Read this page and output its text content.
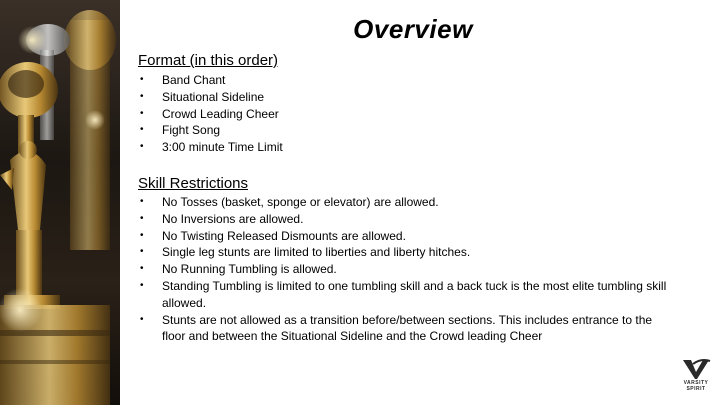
Overview
Format (in this order)
• Band Chant
• Situational Sideline
• Crowd Leading Cheer
• Fight Song
• 3:00 minute Time Limit
Skill Restrictions
• No Tosses (basket, sponge or elevator) are allowed.
• No Inversions are allowed.
• No Twisting Released Dismounts are allowed.
• Single leg stunts are limited to liberties and liberty hitches.
• No Running Tumbling is allowed.
• Standing Tumbling is limited to one tumbling skill and a back tuck is the most elite tumbling skill allowed.
• Stunts are not allowed as a transition before/between sections. This includes entrance to the floor and between the Situational Sideline and the Crowd leading Cheer
VARSITY
SPIRIT
